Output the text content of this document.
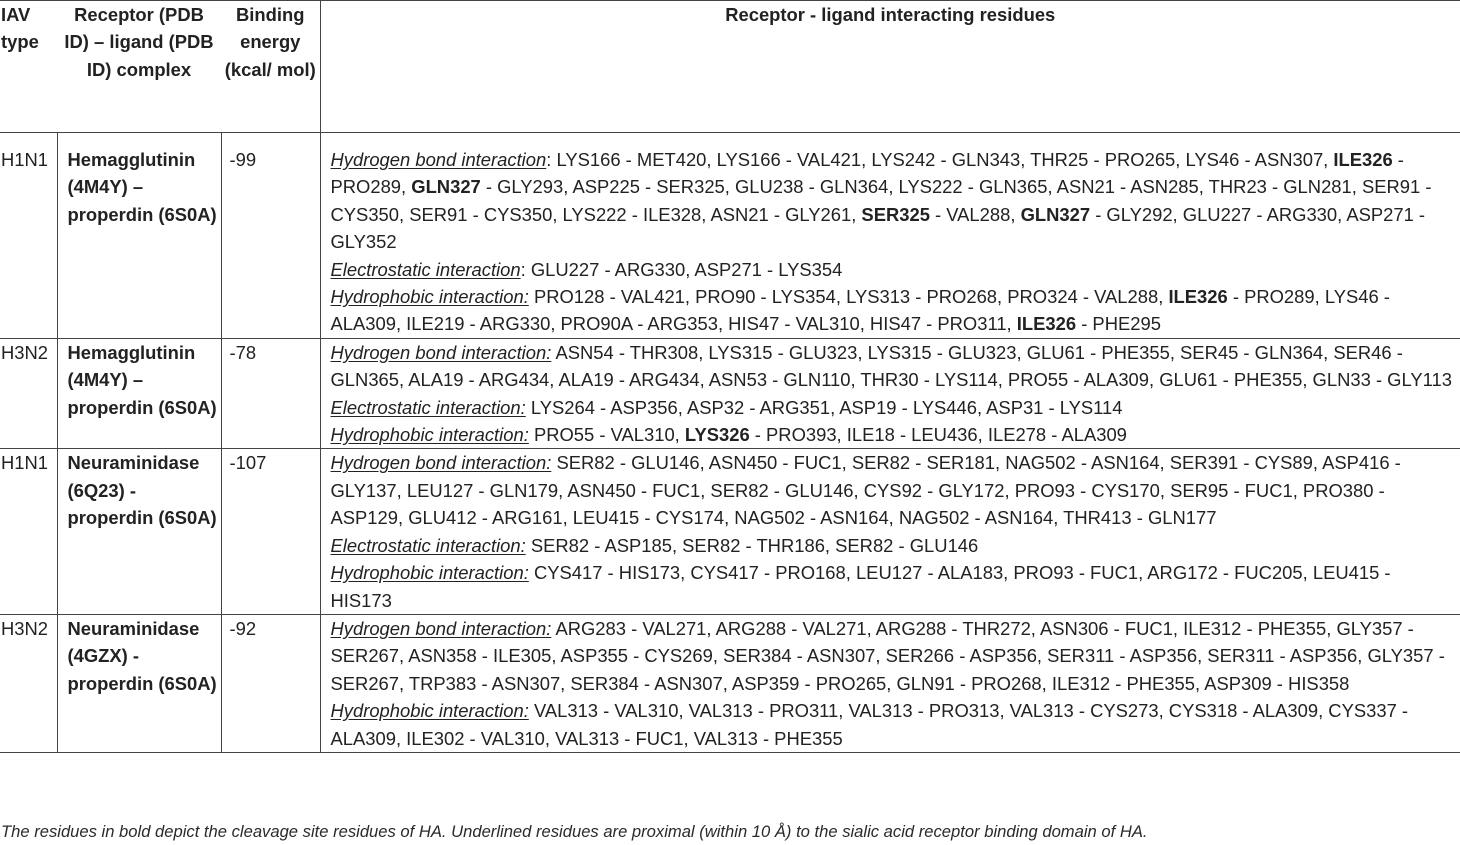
IAV type	Receptor (PDB ID) – ligand (PDB ID) complex	Binding energy (kcal/ mol)	Receptor - ligand interacting residues
H1N1	Hemagglutinin (4M4Y) – properdin (6S0A)	-99	Hydrogen bond interaction: LYS166 - MET420, LYS166 - VAL421, LYS242 - GLN343, THR25 - PRO265, LYS46 - ASN307, ILE326 - PRO289, GLN327 - GLY293, ASP225 - SER325, GLU238 - GLN364, LYS222 - GLN365, ASN21 - ASN285, THR23 - GLN281, SER91 - CYS350, SER91 - CYS350, LYS222 - ILE328, ASN21 - GLY261, SER325 - VAL288, GLN327 - GLY292, GLU227 - ARG330, ASP271 - GLY352
Electrostatic interaction: GLU227 - ARG330, ASP271 - LYS354
Hydrophobic interaction: PRO128 - VAL421, PRO90 - LYS354, LYS313 - PRO268, PRO324 - VAL288, ILE326 - PRO289, LYS46 - ALA309, ILE219 - ARG330, PRO90A - ARG353, HIS47 - VAL310, HIS47 - PRO311, ILE326 - PHE295

H3N2	Hemagglutinin (4M4Y) – properdin (6S0A)	-78	Hydrogen bond interaction: ASN54 - THR308, LYS315 - GLU323, LYS315 - GLU323, GLU61 - PHE355, SER45 - GLN364, SER46 - GLN365, ALA19 - ARG434, ALA19 - ARG434, ASN53 - GLN110, THR30 - LYS114, PRO55 - ALA309, GLU61 - PHE355, GLN33 - GLY113
Electrostatic interaction: LYS264 - ASP356, ASP32 - ARG351, ASP19 - LYS446, ASP31 - LYS114
Hydrophobic interaction: PRO55 - VAL310, LYS326 - PRO393, ILE18 - LEU436, ILE278 - ALA309

H1N1	Neuraminidase (6Q23) - properdin (6S0A)	-107	Hydrogen bond interaction: SER82 - GLU146, ASN450 - FUC1, SER82 - SER181, NAG502 - ASN164, SER391 - CYS89, ASP416 - GLY137, LEU127 - GLN179, ASN450 - FUC1, SER82 - GLU146, CYS92 - GLY172, PRO93 - CYS170, SER95 - FUC1, PRO380 - ASP129, GLU412 - ARG161, LEU415 - CYS174, NAG502 - ASN164, NAG502 - ASN164, THR413 - GLN177
Electrostatic interaction: SER82 - ASP185, SER82 - THR186, SER82 - GLU146
Hydrophobic interaction: CYS417 - HIS173, CYS417 - PRO168, LEU127 - ALA183, PRO93 - FUC1, ARG172 - FUC205, LEU415 - HIS173

H3N2	Neuraminidase (4GZX) - properdin (6S0A)	-92	Hydrogen bond interaction: ARG283 - VAL271, ARG288 - VAL271, ARG288 - THR272, ASN306 - FUC1, ILE312 - PHE355, GLY357 - SER267, ASN358 - ILE305, ASP355 - CYS269, SER384 - ASN307, SER266 - ASP356, SER311 - ASP356, SER311 - ASP356, GLY357 - SER267, TRP383 - ASN307, SER384 - ASN307, ASP359 - PRO265, GLN91 - PRO268, ILE312 - PHE355, ASP309 - HIS358
Hydrophobic interaction: VAL313 - VAL310, VAL313 - PRO311, VAL313 - PRO313, VAL313 - CYS273, CYS318 - ALA309, CYS337 - ALA309, ILE302 - VAL310, VAL313 - FUC1, VAL313 - PHE355
The residues in bold depict the cleavage site residues of HA. Underlined residues are proximal (within 10 Å) to the sialic acid receptor binding domain of HA.
